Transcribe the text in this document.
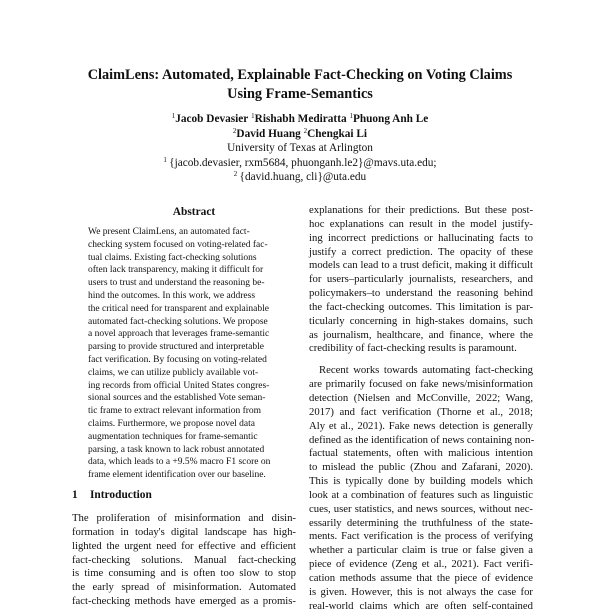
ClaimLens: Automated, Explainable Fact-Checking on Voting Claims
Using Frame-Semantics
$^1$Jacob Devasier $^1$Rishabh Mediratta $^1$Phuong Anh Le
$^2$David Huang $^2$Chengkai Li
University of Texas at Arlington
$^1$  {jacob.devasier, rxm5684, phuonganh.le2}@mavs.uta.edu;
$^2$  {david.huang, cli}@uta.edu
Abstract
We present ClaimLens, an automated fact-
checking system focused on voting-related fac-
tual claims. Existing fact-checking solutions
often lack transparency, making it difficult for
users to trust and understand the reasoning be-
hind the outcomes. In this work, we address
the critical need for transparent and explainable
automated fact-checking solutions. We propose
a novel approach that leverages frame-semantic
parsing to provide structured and interpretable
fact verification. By focusing on voting-related
claims, we can utilize publicly available vot-
ing records from official United States congres-
sional sources and the established Vote seman-
tic frame to extract relevant information from
claims. Furthermore, we propose novel data
augmentation techniques for frame-semantic
parsing, a task known to lack robust annotated
data, which leads to a +9.5% macro F1 score on
frame element identification over our baseline.
1 Introduction
The proliferation of misinformation and disin-
formation in today's digital landscape has high-
lighted the urgent need for effective and efficient
fact-checking solutions. Manual fact-checking
is time consuming and is often too slow to stop
the early spread of misinformation. Automated
fact-checking methods have emerged as a promis-
explanations for their predictions. But these post-
hoc explanations can result in the model justify-
ing incorrect predictions or hallucinating facts to
justify a correct prediction. The opacity of these
models can lead to a trust deficit, making it difficult
for users–particularly journalists, researchers, and
policymakers–to understand the reasoning behind
the fact-checking outcomes. This limitation is par-
ticularly concerning in high-stakes domains, such
as journalism, healthcare, and finance, where the
credibility of fact-checking results is paramount.
Recent works towards automating fact-checking
are primarily focused on fake news/misinformation
detection (Nielsen and McConville, 2022; Wang,
2017) and fact verification (Thorne et al., 2018;
Aly et al., 2021). Fake news detection is generally
defined as the identification of news containing non-
factual statements, often with malicious intention
to mislead the public (Zhou and Zafarani, 2020).
This is typically done by building models which
look at a combination of features such as linguistic
cues, user statistics, and news sources, without nec-
essarily determining the truthfulness of the state-
ments. Fact verification is the process of verifying
whether a particular claim is true or false given a
piece of evidence (Zeng et al., 2021). Fact verifi-
cation methods assume that the piece of evidence
is given. However, this is not always the case for
real-world claims which are often self-contained
